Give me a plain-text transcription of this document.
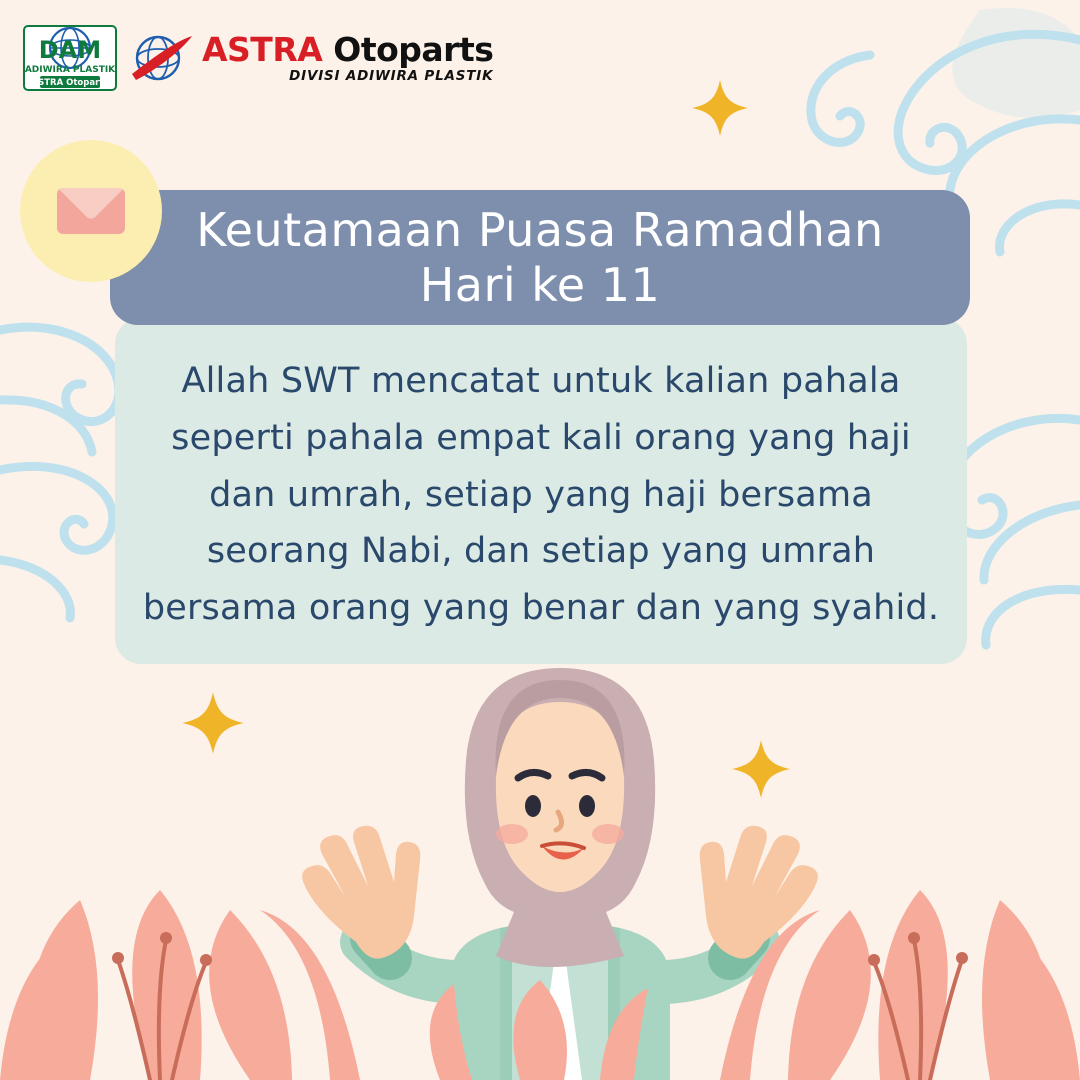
DAM
ADIWIRA PLASTIK
ASTRA Otoparts
ASTRA Otoparts
DIVISI ADIWIRA PLASTIK
Keutamaan Puasa Ramadhan
Hari ke 11
Allah SWT mencatat untuk kalian pahala seperti pahala empat kali orang yang haji dan umrah, setiap yang haji bersama seorang Nabi, dan setiap yang umrah bersama orang yang benar dan yang syahid.
